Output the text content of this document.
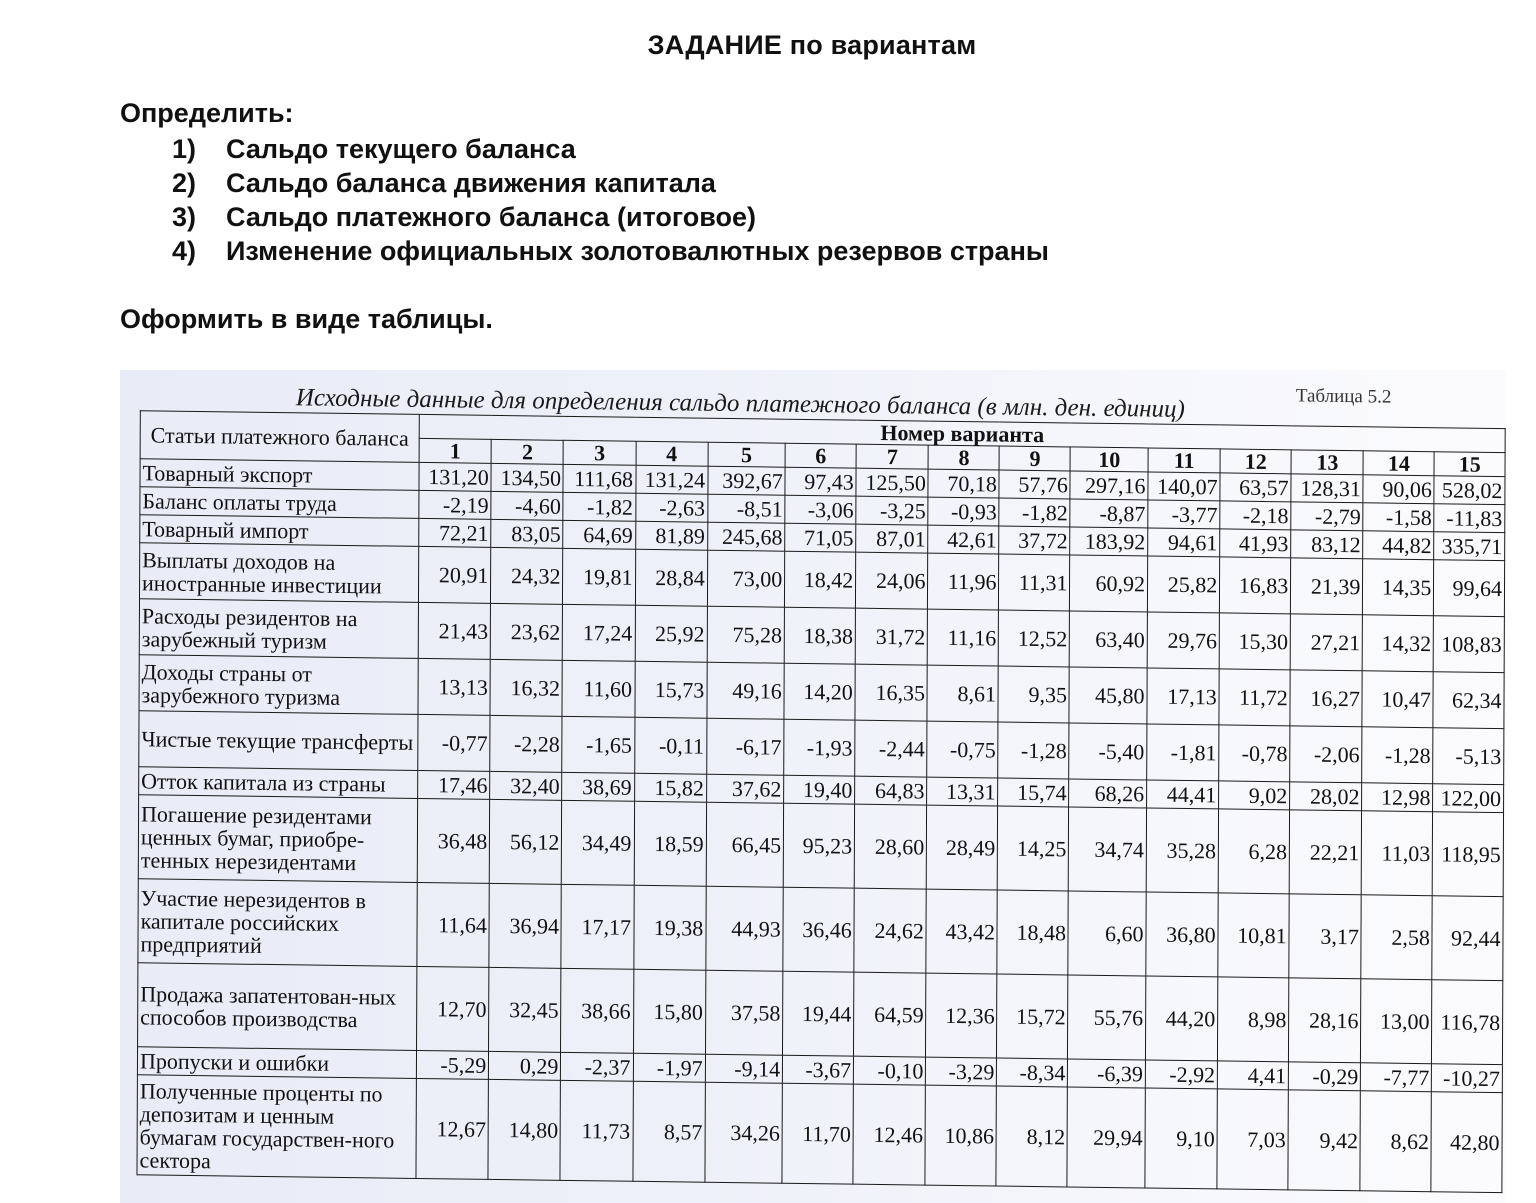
ЗАДАНИЕ по вариантам
Определить:
1) Сальдо текущего баланса
2) Сальдо баланса движения капитала
3) Сальдо платежного баланса (итоговое)
4) Изменение официальных золотовалютных резервов страны
Оформить в виде таблицы.
Исходные данные для определения сальдо платежного баланса (в млн. ден. единиц)	Таблица 5.2
Статьи платежного баланса	Номер варианта														
	1	2	3	4	5	6	7	8	9	10	11	12	13	14	15
Товарный экспорт	131,20	134,50	111,68	131,24	392,67	97,43	125,50	70,18	57,76	297,16	140,07	63,57	128,31	90,06	528,02
Баланс оплаты труда	-2,19	-4,60	-1,82	-2,63	-8,51	-3,06	-3,25	-0,93	-1,82	-8,87	-3,77	-2,18	-2,79	-1,58	-11,83
Товарный импорт	72,21	83,05	64,69	81,89	245,68	71,05	87,01	42,61	37,72	183,92	94,61	41,93	83,12	44,82	335,71
Выплаты доходов на иностранные инвестиции	20,91	24,32	19,81	28,84	73,00	18,42	24,06	11,96	11,31	60,92	25,82	16,83	21,39	14,35	99,64
Расходы резидентов на зарубежный туризм	21,43	23,62	17,24	25,92	75,28	18,38	31,72	11,16	12,52	63,40	29,76	15,30	27,21	14,32	108,83
Доходы страны от зарубежного туризма	13,13	16,32	11,60	15,73	49,16	14,20	16,35	8,61	9,35	45,80	17,13	11,72	16,27	10,47	62,34
Чистые текущие трансферты	-0,77	-2,28	-1,65	-0,11	-6,17	-1,93	-2,44	-0,75	-1,28	-5,40	-1,81	-0,78	-2,06	-1,28	-5,13
Отток капитала из страны	17,46	32,40	38,69	15,82	37,62	19,40	64,83	13,31	15,74	68,26	44,41	9,02	28,02	12,98	122,00
Погашение резидентами ценных бумаг, приобре-тенных нерезидентами	36,48	56,12	34,49	18,59	66,45	95,23	28,60	28,49	14,25	34,74	35,28	6,28	22,21	11,03	118,95
Участие нерезидентов в капитале российских предприятий	11,64	36,94	17,17	19,38	44,93	36,46	24,62	43,42	18,48	6,60	36,80	10,81	3,17	2,58	92,44
Продажа запатентован-ных способов производства	12,70	32,45	38,66	15,80	37,58	19,44	64,59	12,36	15,72	55,76	44,20	8,98	28,16	13,00	116,78
Пропуски и ошибки	-5,29	0,29	-2,37	-1,97	-9,14	-3,67	-0,10	-3,29	-8,34	-6,39	-2,92	4,41	-0,29	-7,77	-10,27
Полученные проценты по депозитам и ценным бумагам государствен-ного сектора	12,67	14,80	11,73	8,57	34,26	11,70	12,46	10,86	8,12	29,94	9,10	7,03	9,42	8,62	42,80
